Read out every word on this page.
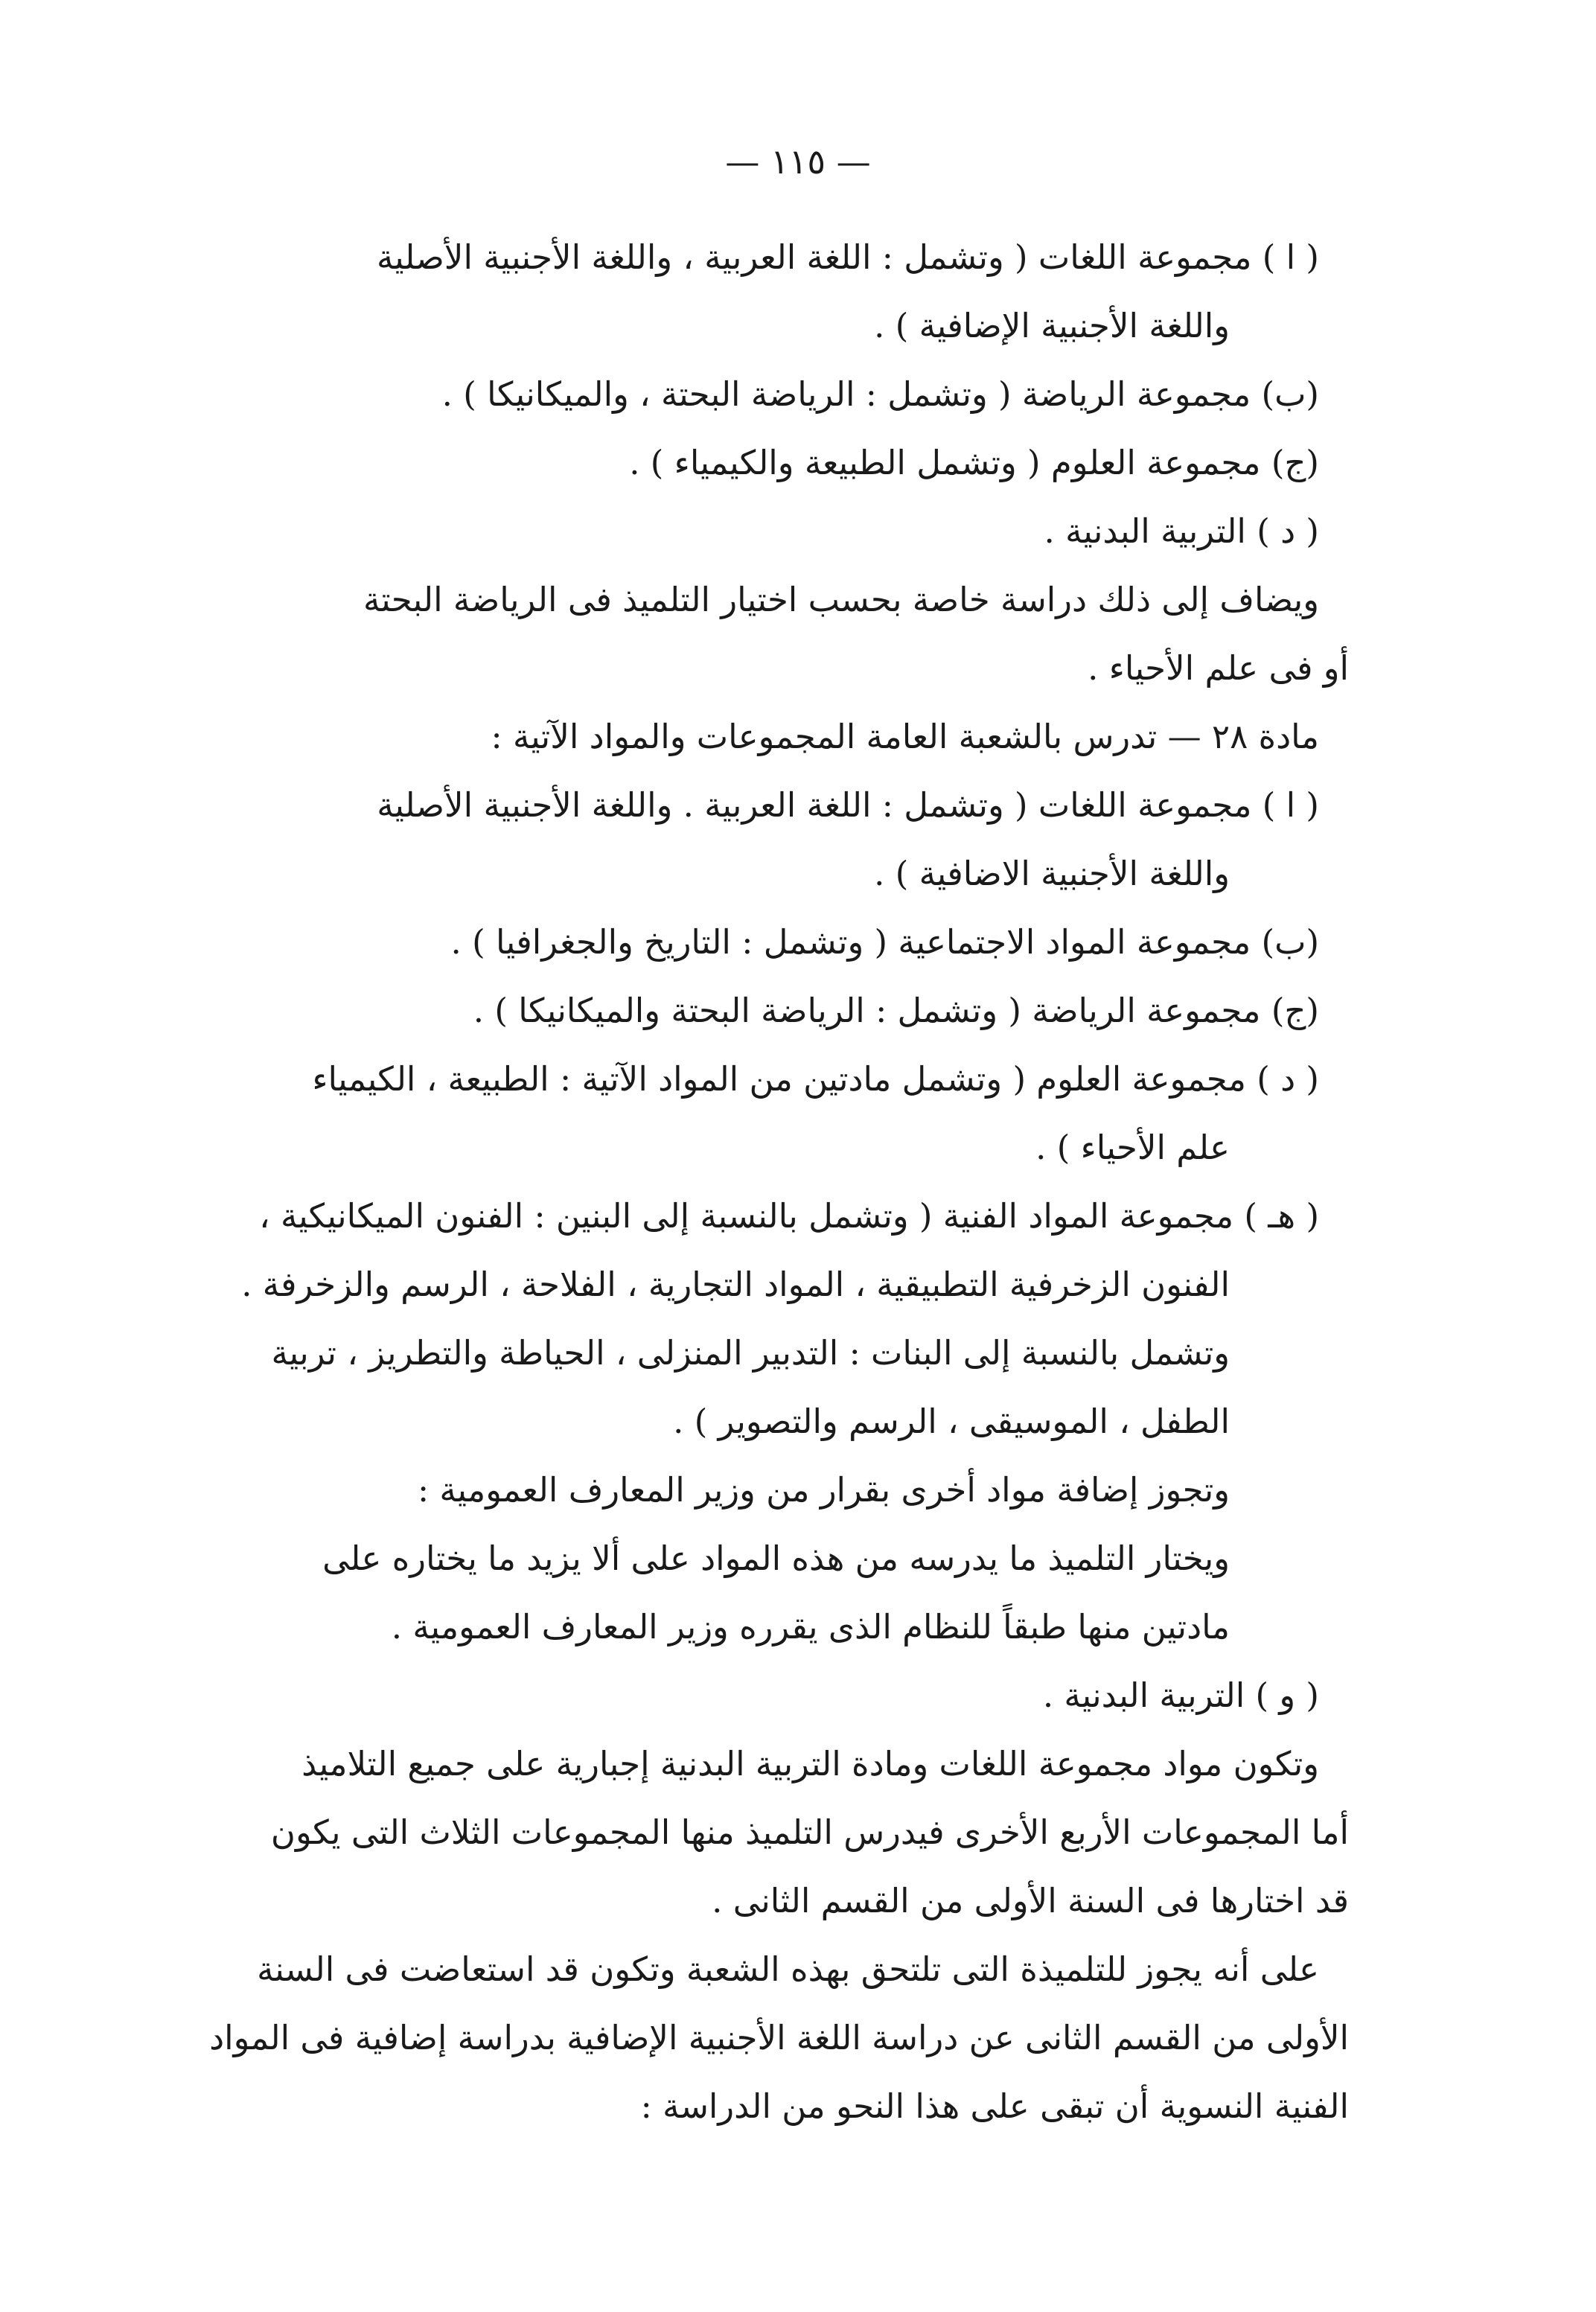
— ١١٥ —
( ا ) مجموعة اللغات ( وتشمل : اللغة العربية ، واللغة الأجنبية الأصلية
واللغة الأجنبية الإضافية ) .
(ب) مجموعة الرياضة ( وتشمل : الرياضة البحتة ، والميكانيكا ) .
(ج) مجموعة العلوم ( وتشمل الطبيعة والكيمياء ) .
( د ) التربية البدنية .
ويضاف إلى ذلك دراسة خاصة بحسب اختيار التلميذ فى الرياضة البحتة
أو فى علم الأحياء .
مادة ٢٨ — تدرس بالشعبة العامة المجموعات والمواد الآتية :
( ا ) مجموعة اللغات ( وتشمل : اللغة العربية . واللغة الأجنبية الأصلية
واللغة الأجنبية الاضافية ) .
(ب) مجموعة المواد الاجتماعية ( وتشمل : التاريخ والجغرافيا ) .
(ج) مجموعة الرياضة ( وتشمل : الرياضة البحتة والميكانيكا ) .
( د ) مجموعة العلوم ( وتشمل مادتين من المواد الآتية : الطبيعة ، الكيمياء
علم الأحياء ) .
( هـ ) مجموعة المواد الفنية ( وتشمل بالنسبة إلى البنين : الفنون الميكانيكية ،
الفنون الزخرفية التطبيقية ، المواد التجارية ، الفلاحة ، الرسم والزخرفة .
وتشمل بالنسبة إلى البنات : التدبير المنزلى ، الحياطة والتطريز ، تربية
الطفل ، الموسيقى ، الرسم والتصوير ) .
وتجوز إضافة مواد أخرى بقرار من وزير المعارف العمومية :
ويختار التلميذ ما يدرسه من هذه المواد على ألا يزيد ما يختاره على
مادتين منها طبقاً للنظام الذى يقرره وزير المعارف العمومية .
( و ) التربية البدنية .
وتكون مواد مجموعة اللغات ومادة التربية البدنية إجبارية على جميع التلاميذ
أما المجموعات الأربع الأخرى فيدرس التلميذ منها المجموعات الثلاث التى يكون
قد اختارها فى السنة الأولى من القسم الثانى .
على أنه يجوز للتلميذة التى تلتحق بهذه الشعبة وتكون قد استعاضت فى السنة
الأولى من القسم الثانى عن دراسة اللغة الأجنبية الإضافية بدراسة إضافية فى المواد
الفنية النسوية أن تبقى على هذا النحو من الدراسة :
